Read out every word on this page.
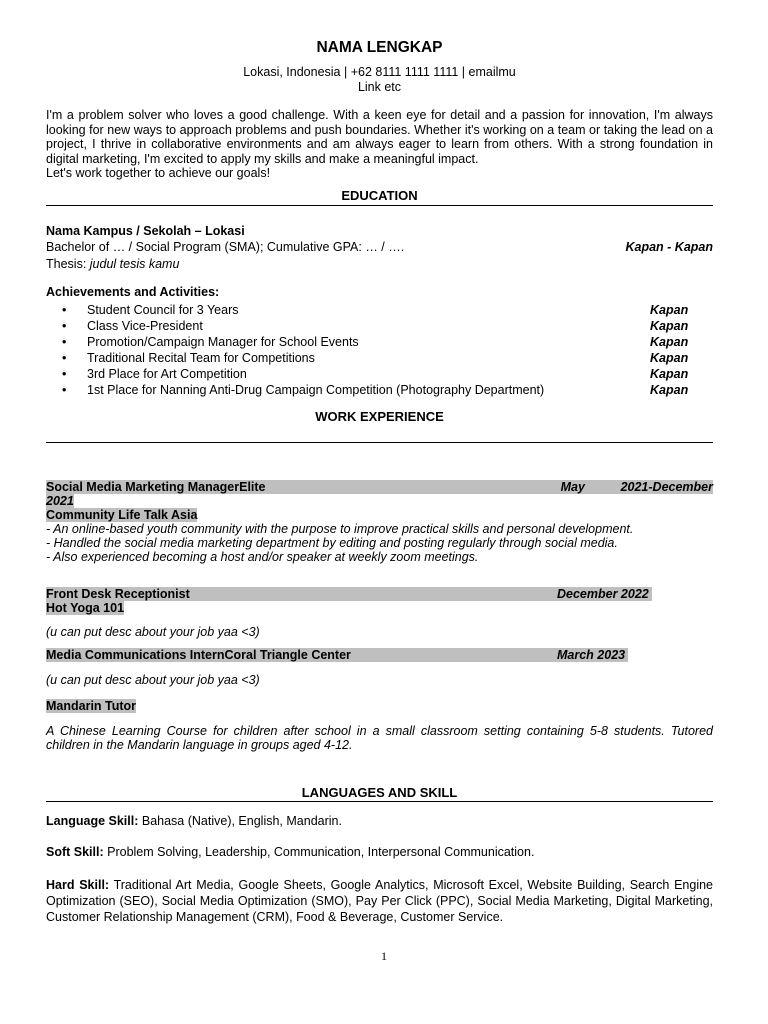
NAMA LENGKAP
Lokasi, Indonesia | +62 8111 1111 1111 | emailmu
Link etc

I'm a problem solver who loves a good challenge. With a keen eye for detail and a passion for innovation, I'm always looking for new ways to approach problems and push boundaries. Whether it's working on a team or taking the lead on a project, I thrive in collaborative environments and am always eager to learn from others. With a strong foundation in digital marketing, I'm excited to apply my skills and make a meaningful impact.

Let's work together to achieve our goals!

EDUCATION
Nama Kampus / Sekolah – Lokasi
Bachelor of … / Social Program (SMA); Cumulative GPA: … / ….	Kapan - Kapan
Thesis: judul tesis kamu
Achievements and Activities:
•	Student Council for 3 Years	Kapan
•	Class Vice-President	Kapan
•	Promotion/Campaign Manager for School Events	Kapan
•	Traditional Recital Team for Competitions	Kapan
•	3rd Place for Art Competition	Kapan
•	1st Place for Nanning Anti-Drug Campaign Competition (Photography Department)	Kapan
WORK EXPERIENCE
Social Media Marketing ManagerElite	May	2021-December
2021
Community Life Talk Asia
- An online-based youth community with the purpose to improve practical skills and personal development.
- Handled the social media marketing department by editing and posting regularly through social media.
- Also experienced becoming a host and/or speaker at weekly zoom meetings.
Front Desk Receptionist	December 2022
Hot Yoga 101
(u can put desc about your job yaa <3)
Media Communications InternCoral Triangle Center	March 2023
(u can put desc about your job yaa <3)
Mandarin Tutor
A Chinese Learning Course for children after school in a small classroom setting containing 5-8 students. Tutored children in the Mandarin language in groups aged 4-12.
LANGUAGES AND SKILL
Language Skill: Bahasa (Native), English, Mandarin.
Soft Skill: Problem Solving, Leadership, Communication, Interpersonal Communication.
Hard Skill: Traditional Art Media, Google Sheets, Google Analytics, Microsoft Excel, Website Building, Search Engine Optimization (SEO), Social Media Optimization (SMO), Pay Per Click (PPC), Social Media Marketing, Digital Marketing, Customer Relationship Management (CRM), Food & Beverage, Customer Service.
1
